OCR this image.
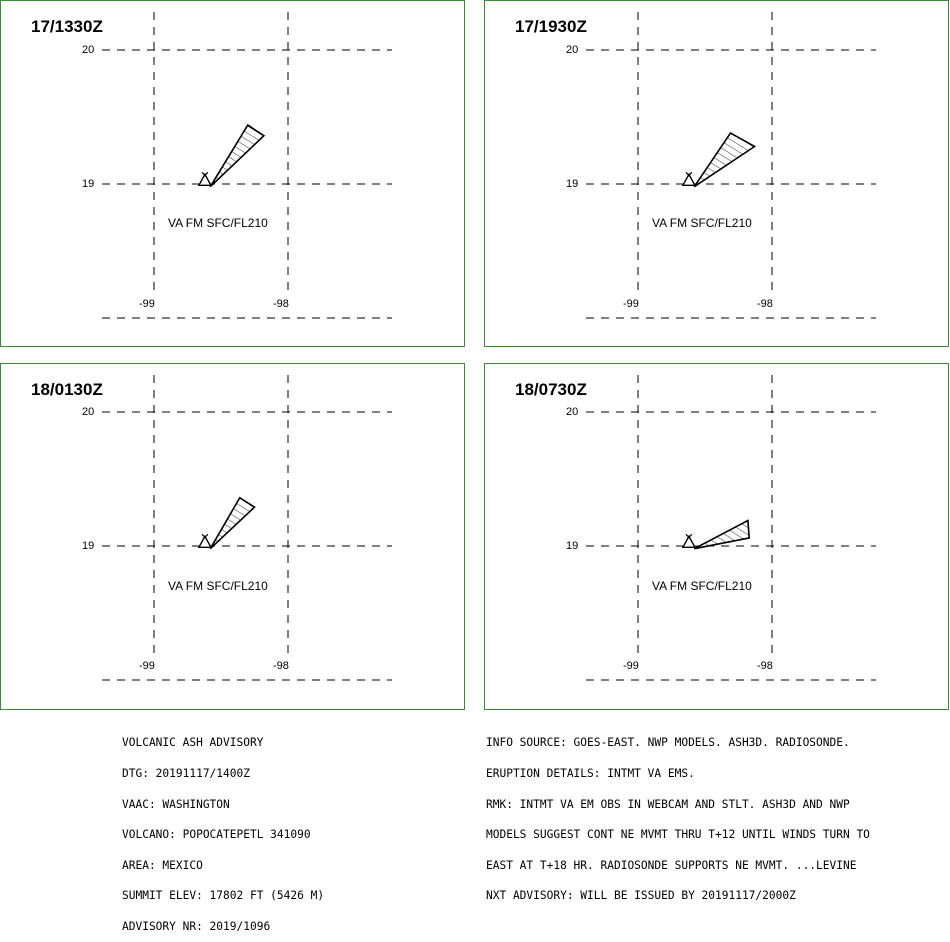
17/1330Z
20
19
-99	-98
VA FM SFC/FL210
17/1930Z
20
19
-99	-98
VA FM SFC/FL210
18/0130Z
20
19
-99	-98
VA FM SFC/FL210
18/0730Z
20
19
-99	-98
VA FM SFC/FL210

VOLCANIC ASH ADVISORY

DTG: 20191117/1400Z

VAAC: WASHINGTON

VOLCANO: POPOCATEPETL 341090

AREA: MEXICO

SUMMIT ELEV: 17802 FT (5426 M)

ADVISORY NR: 2019/1096

INFO SOURCE: GOES-EAST. NWP MODELS. ASH3D. RADIOSONDE.

ERUPTION DETAILS: INTMT VA EMS.

RMK: INTMT VA EM OBS IN WEBCAM AND STLT. ASH3D AND NWP

MODELS SUGGEST CONT NE MVMT THRU T+12 UNTIL WINDS TURN TO

EAST AT T+18 HR. RADIOSONDE SUPPORTS NE MVMT. ...LEVINE

NXT ADVISORY: WILL BE ISSUED BY 20191117/2000Z
